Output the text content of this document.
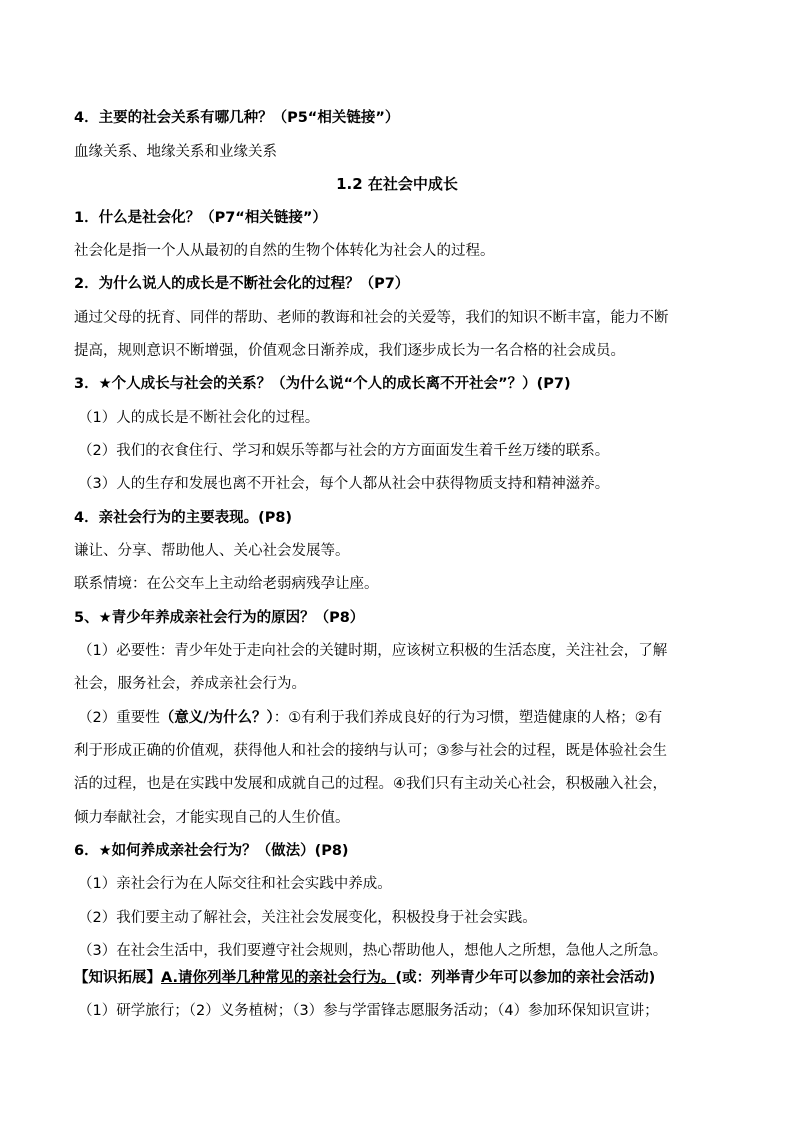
4．主要的社会关系有哪几种？（P5“相关链接”）
血缘关系、地缘关系和业缘关系
1.2 在社会中成长
1．什么是社会化？（P7“相关链接”）
社会化是指一个人从最初的自然的生物个体转化为社会人的过程。
2．为什么说人的成长是不断社会化的过程？（P7）
通过父母的抚育、同伴的帮助、老师的教诲和社会的关爱等，我们的知识不断丰富，能力不断
提高，规则意识不断增强，价值观念日渐养成，我们逐步成长为一名合格的社会成员。
3．★个人成长与社会的关系？（为什么说“个人的成长离不开社会”？）(P7)
（1）人的成长是不断社会化的过程。
（2）我们的衣食住行、学习和娱乐等都与社会的方方面面发生着千丝万缕的联系。
（3）人的生存和发展也离不开社会，每个人都从社会中获得物质支持和精神滋养。
4．亲社会行为的主要表现。(P8)
谦让、分享、帮助他人、关心社会发展等。
联系情境：在公交车上主动给老弱病残孕让座。
5、★青少年养成亲社会行为的原因？（P8）
（1）必要性：青少年处于走向社会的关键时期，应该树立积极的生活态度，关注社会，了解
社会，服务社会，养成亲社会行为。
（2）重要性（意义/为什么？）：①有利于我们养成良好的行为习惯，塑造健康的人格；②有
利于形成正确的价值观，获得他人和社会的接纳与认可；③参与社会的过程，既是体验社会生
活的过程，也是在实践中发展和成就自己的过程。④我们只有主动关心社会，积极融入社会，
倾力奉献社会，才能实现自己的人生价值。
6．★如何养成亲社会行为？（做法）(P8)
（1）亲社会行为在人际交往和社会实践中养成。
（2）我们要主动了解社会，关注社会发展变化，积极投身于社会实践。
（3）在社会生活中，我们要遵守社会规则，热心帮助他人，想他人之所想，急他人之所急。
【知识拓展】A.请你列举几种常见的亲社会行为。(或：列举青少年可以参加的亲社会活动)
（1）研学旅行；（2）义务植树；（3）参与学雷锋志愿服务活动；（4）参加环保知识宣讲；
